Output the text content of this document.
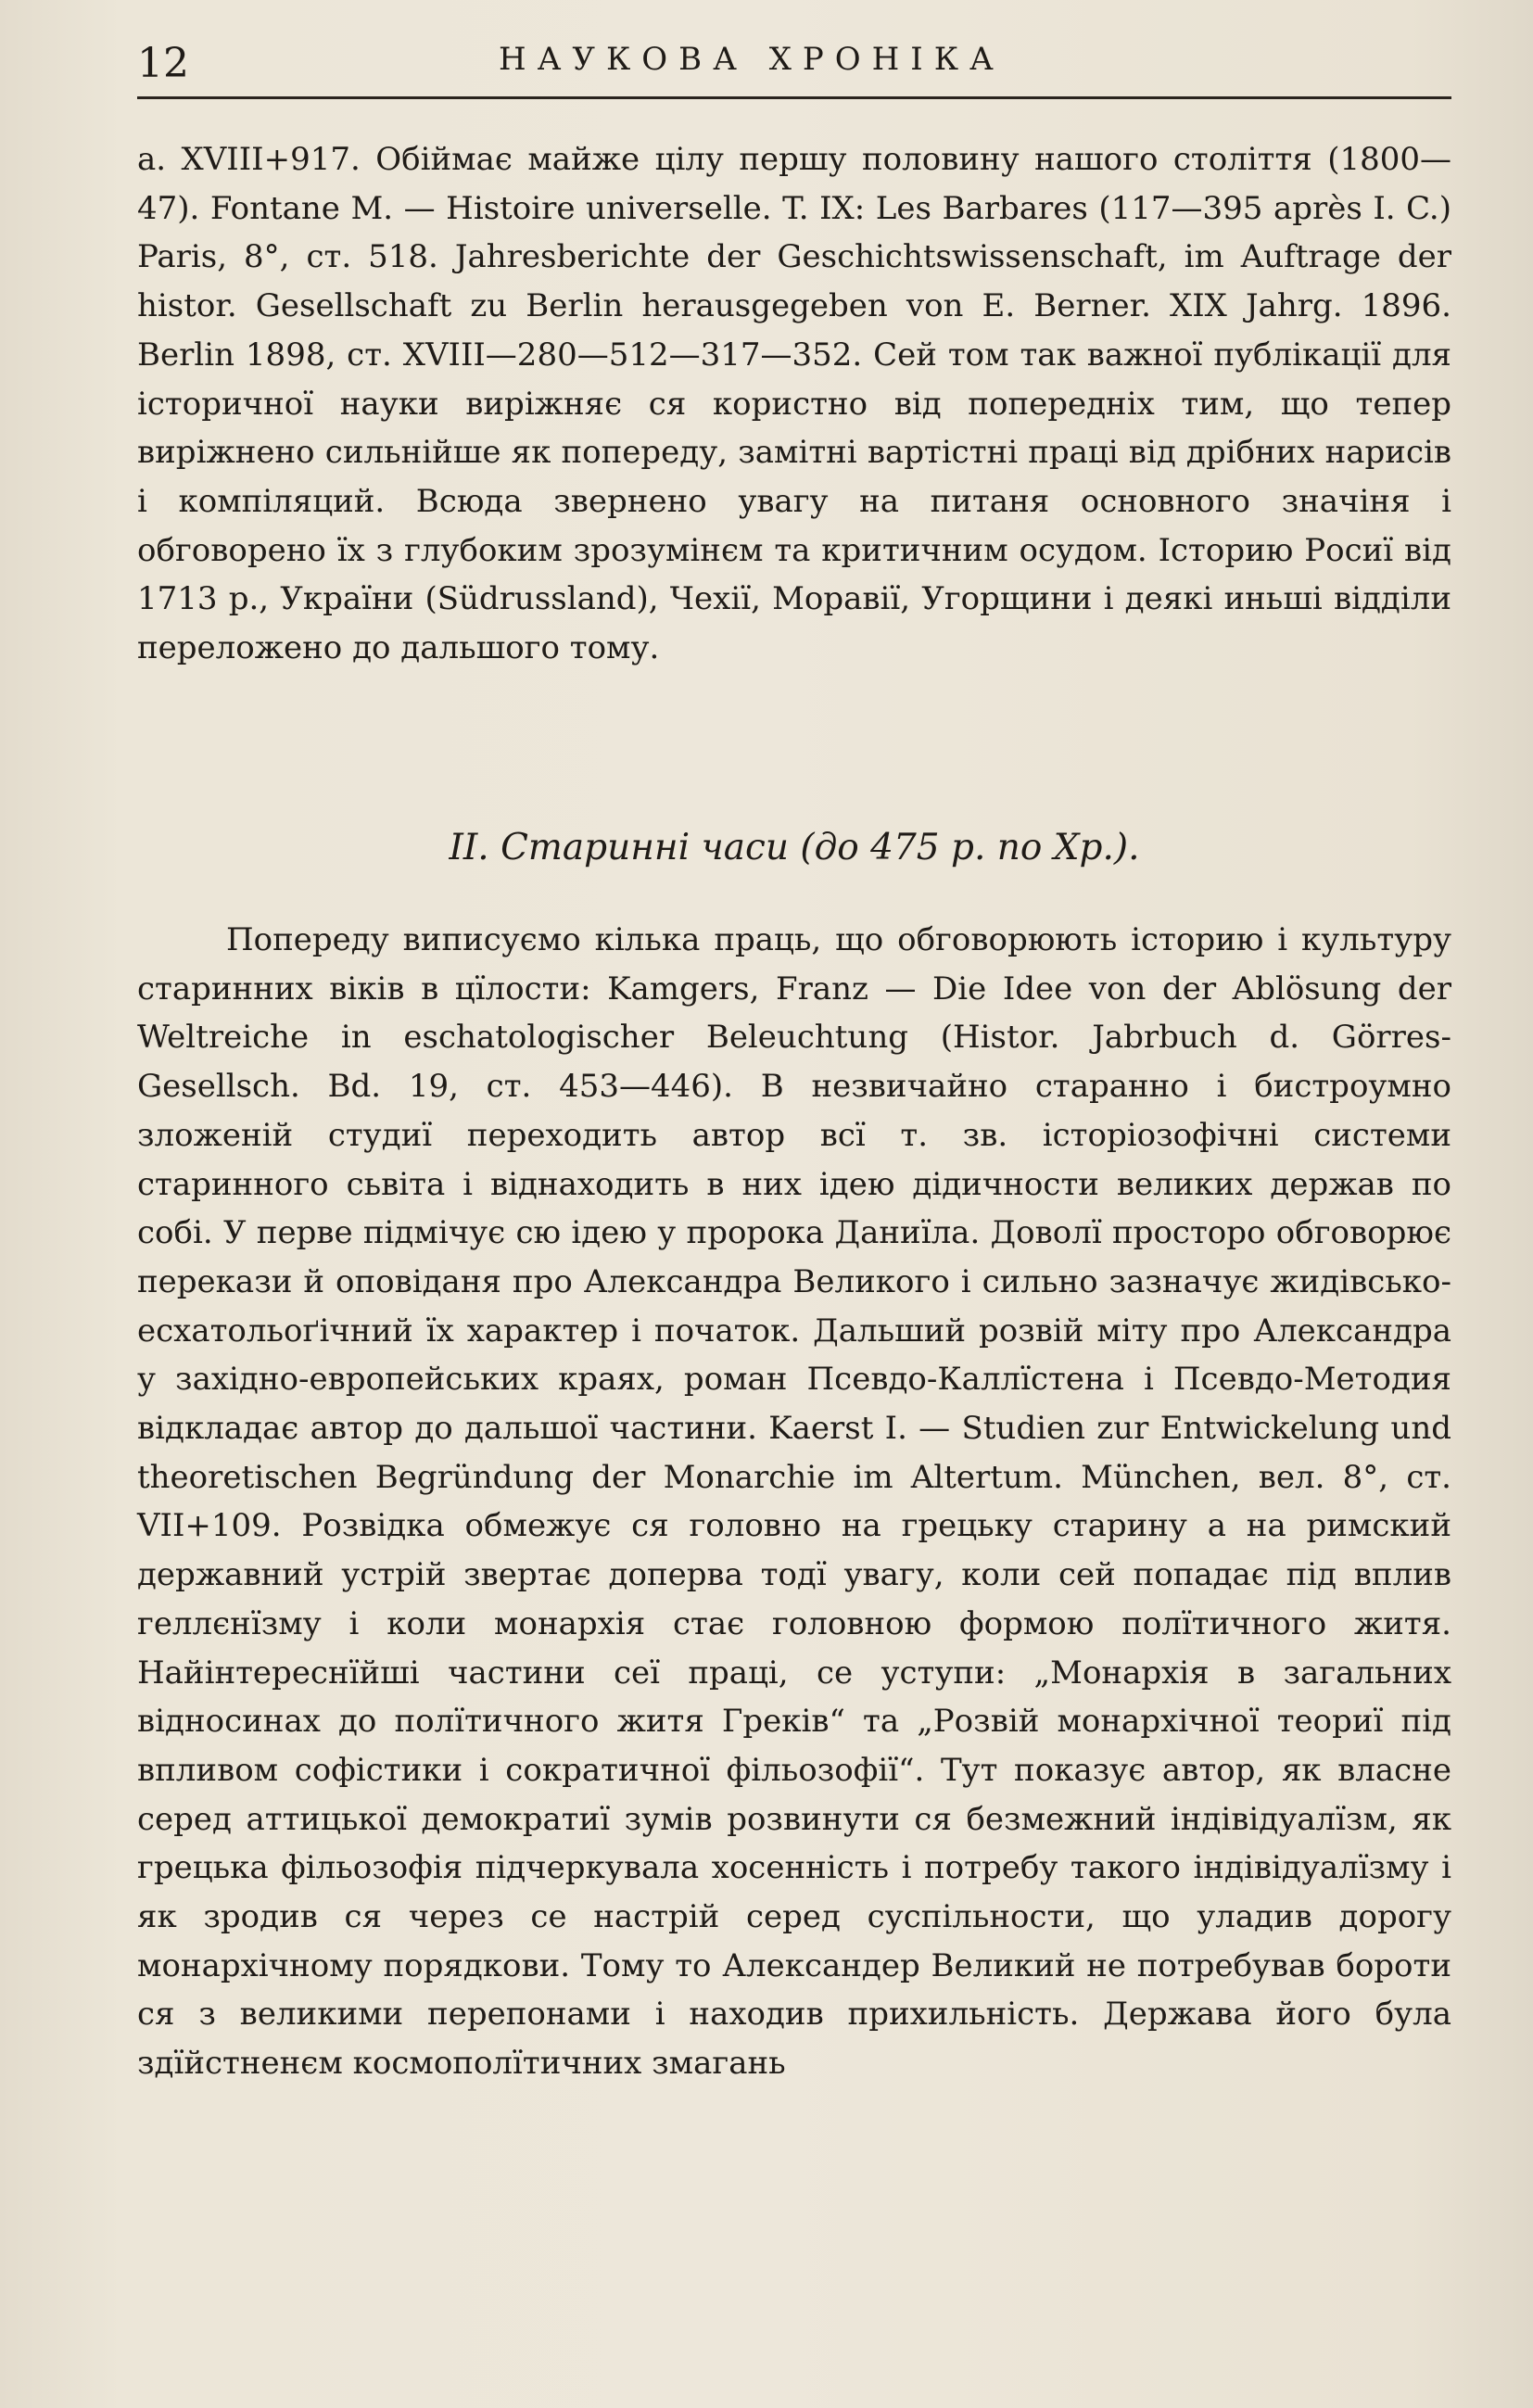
12	НАУКОВА ХРОНІКА
а. XVIII+917. Обіймає майже цілу першу половину нашого століття (1800—47). Fontane M. — Histoire universelle. T. IX: Les Barbares (117—395 après I. C.) Paris, 8°, ст. 518. Jahresberichte der Geschichtswissenschaft, im Auftrage der histor. Gesellschaft zu Berlin herausgegeben von E. Berner. XIX Jahrg. 1896. Berlin 1898, ст. XVIII—280—512—317—352. Сей том так важної публікації для історичної науки виріжняє ся користно від попередніх тим, що тепер виріжнено сильнійше як попереду, замітні вартістні праці від дрібних нарисів і компіляций. Всюда звернено увагу на питаня основного значіня і обговорено їх з глубоким зрозумінєм та критичним осудом. Історию Росиї від 1713 р., України (Südrussland), Чехії, Моравії, Угорщини і деякі иньші відділи переложено до дальшого тому.
II. Старинні часи (до 475 р. по Хр.).
Попереду виписуємо кілька праць, що обговорюють історию і культуру старинних віків в цїлости: Kamgers, Franz — Die Idee von der Ablösung der Weltreiche in eschatologischer Beleuchtung (Histor. Jabrbuch d. Görres-Gesellsch. Bd. 19, ст. 453—446). В незвичайно старанно і бистроумно зложеній студиї переходить автор всї т. зв. історіозофічні системи старинного сьвіта і віднаходить в них ідею дідичности великих держав по собі. У перве підмічує сю ідею у пророка Даниїла. Доволї просторо обговорює перекази й оповіданя про Александра Великого і сильно зазначує жидівсько-есхатольоґічний їх характер і початок. Дальший розвій міту про Александра у західно-европейських краях, роман Псевдо-Каллїстена і Псевдо-Методия відкладає автор до дальшої частини. Kaerst I. — Studien zur Entwickelung und theoretischen Begründung der Monarchie im Altertum. München, вел. 8°, ст. VII+109. Розвідка обмежує ся головно на грецьку старину а на римский державний устрій звертає доперва тодї увагу, коли сей попадає під вплив геллєнїзму і коли монархія стає головною формою полїтичного житя. Найінтереснїйші частини сеї праці, се уступи: „Монархія в загальних відносинах до полїтичного житя Греків“ та „Розвій монархічної теориї під впливом софістики і сократичної фільозофії“. Тут показує автор, як власне серед аттицької демократиї зумів розвинути ся безмежний індівідуалїзм, як грецька фільозофія підчеркувала хосенність і потребу такого індівідуалїзму і як зродив ся через се настрій серед суспільности, що уладив дорогу монархічному порядкови. Тому то Александер Великий не потребував бороти ся з великими перепонами і находив прихильність. Держава його була здїйстненєм космополїтичних змагань
